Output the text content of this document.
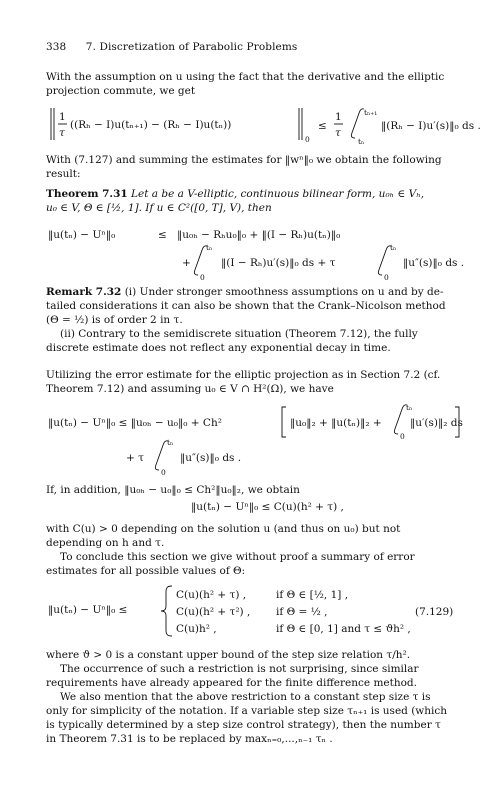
338 7. Discretization of Parabolic Problems

With the assumption on u using the fact that the derivative and the elliptic
projection commute, we get

1
τ
((Rₕ − I)u(tₙ₊₁) − (Rₕ − I)u(tₙ))
0
≤
1
τ
tₙ₊₁
tₙ
‖(Rₕ − I)u′(s)‖₀ ds .

With (7.127) and summing the estimates for ‖wⁿ‖₀ we obtain the following
result:

Theorem 7.31 Let a be a V-elliptic, continuous bilinear form, u₀ₕ ∈ Vₕ,
u₀ ∈ V, Θ ∈ [½, 1]. If u ∈ C²([0, T], V), then

‖u(tₙ) − Uⁿ‖₀	≤ ‖u₀ₕ − Rₕu₀‖₀ + ‖(I − Rₕ)u(tₙ)‖₀
+
tₙ
0
‖(I − Rₕ)u′(s)‖₀ ds + τ
tₙ
0
‖u″(s)‖₀ ds .

Remark 7.32 (i) Under stronger smoothness assumptions on u and by de-
tailed considerations it can also be shown that the Crank–Nicolson method
(Θ = ½) is of order 2 in τ.
(ii) Contrary to the semidiscrete situation (Theorem 7.12), the fully
discrete estimate does not reflect any exponential decay in time.

Utilizing the error estimate for the elliptic projection as in Section 7.2 (cf.
Theorem 7.12) and assuming u₀ ∈ V ∩ H²(Ω), we have

‖u(tₙ) − Uⁿ‖₀ ≤ ‖u₀ₕ − u₀‖₀ + Ch²	‖u₀‖₂ + ‖u(tₙ)‖₂ +
tₙ
0
‖u′(s)‖₂ ds
+ τ
tₙ
0
‖u″(s)‖₀ ds .

If, in addition, ‖u₀ₕ − u₀‖₀ ≤ Ch²‖u₀‖₂, we obtain

‖u(tₙ) − Uⁿ‖₀ ≤ C(u)(h² + τ) ,

with C(u) > 0 depending on the solution u (and thus on u₀) but not
depending on h and τ.
To conclude this section we give without proof a summary of error
estimates for all possible values of Θ:

‖u(tₙ) − Uⁿ‖₀ ≤
C(u)(h² + τ) ,	if Θ ∈ [½, 1] ,
C(u)(h² + τ²) , if Θ = ½ ,
C(u)h² ,	if Θ ∈ [0, 1] and τ ≤ ϑh² ,
(7.129)

where ϑ > 0 is a constant upper bound of the step size relation τ/h².
The occurrence of such a restriction is not surprising, since similar
requirements have already appeared for the finite difference method.
We also mention that the above restriction to a constant step size τ is
only for simplicity of the notation. If a variable step size τₙ₊₁ is used (which
is typically determined by a step size control strategy), then the number τ
in Theorem 7.31 is to be replaced by maxₙ₌₀,...,ₙ₋₁ τₙ .
